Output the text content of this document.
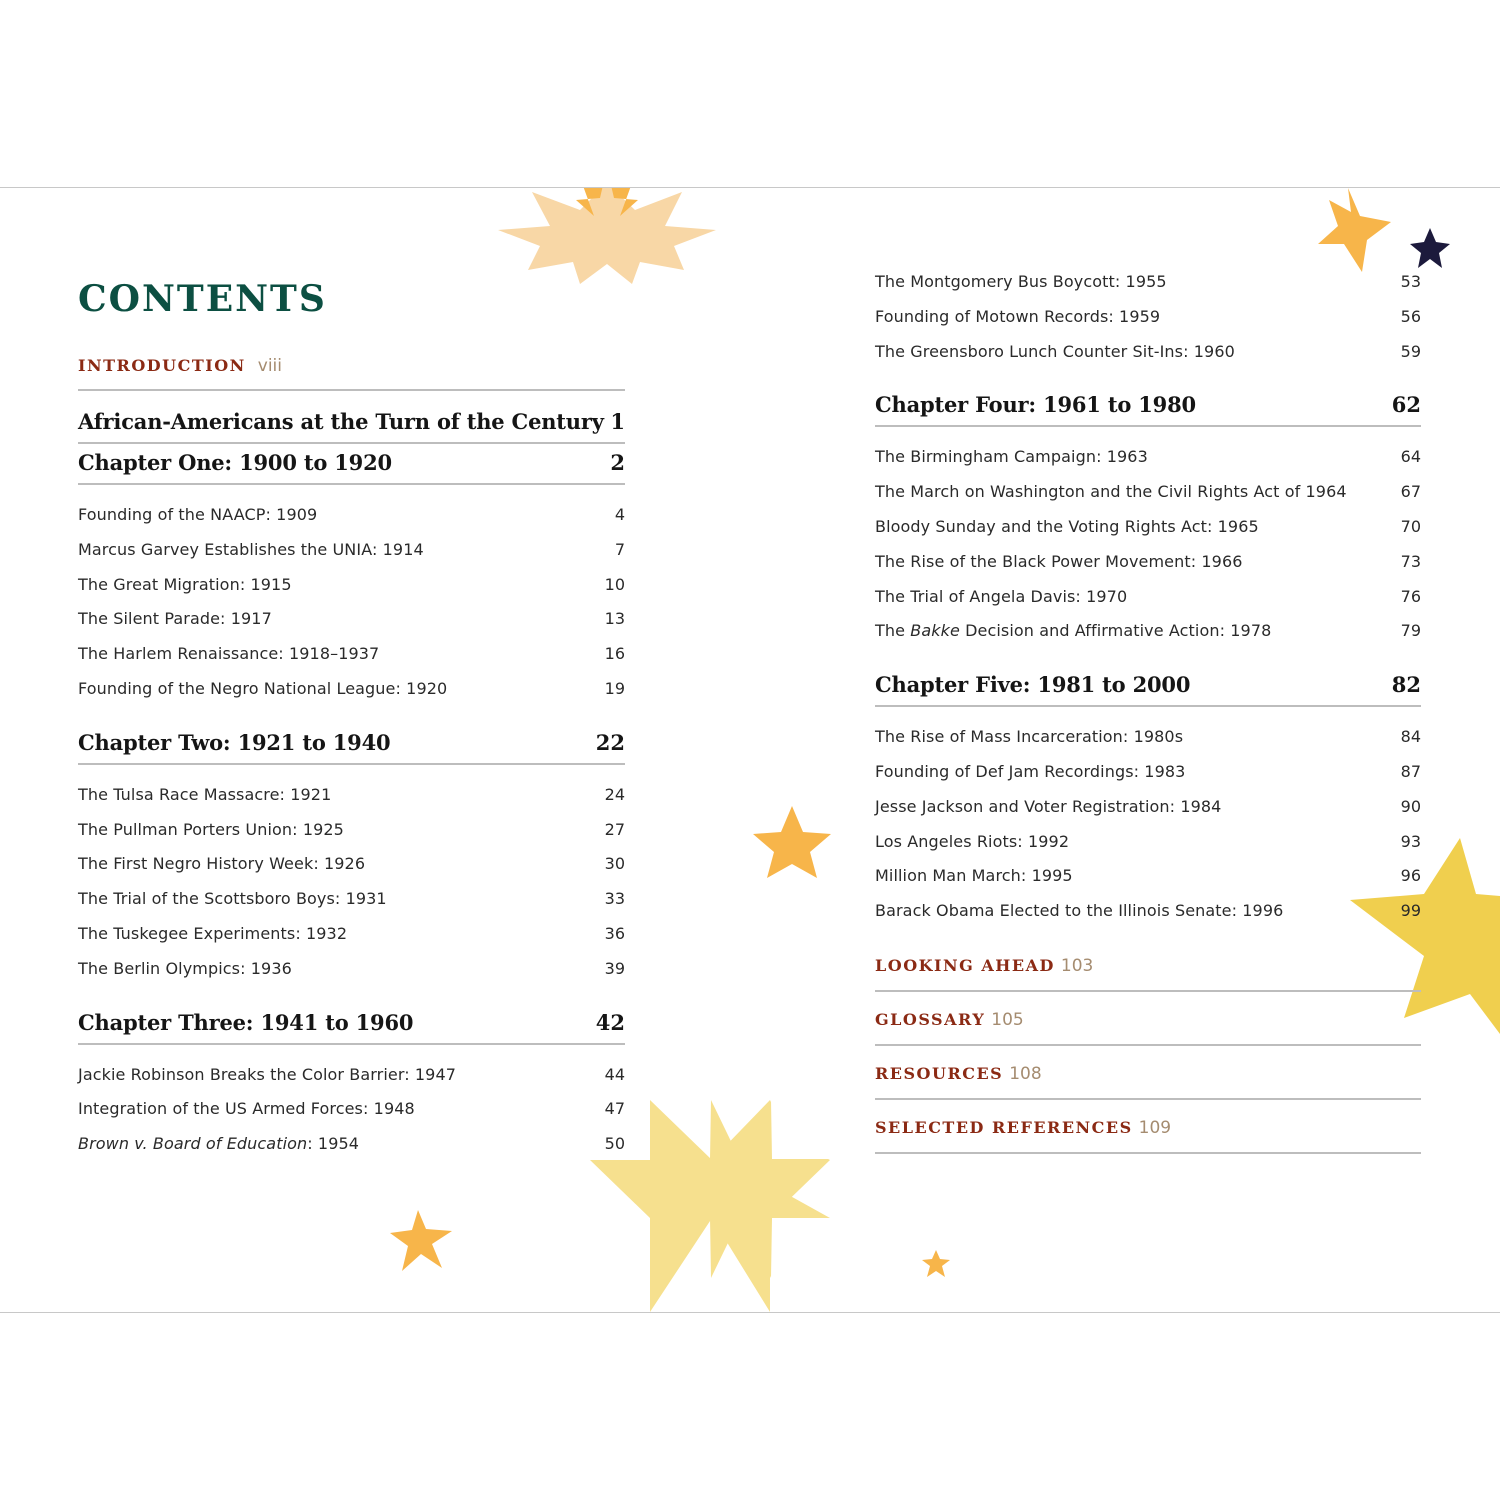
CONTENTS
INTRODUCTION viii
African-Americans at the Turn of the Century 1
Chapter One: 1900 to 1920	2
Founding of the NAACP: 1909	4
Marcus Garvey Establishes the UNIA: 1914	7
The Great Migration: 1915	10
The Silent Parade: 1917	13
The Harlem Renaissance: 1918–1937	16
Founding of the Negro National League: 1920	19
Chapter Two: 1921 to 1940	22
The Tulsa Race Massacre: 1921	24
The Pullman Porters Union: 1925	27
The First Negro History Week: 1926	30
The Trial of the Scottsboro Boys: 1931	33
The Tuskegee Experiments: 1932	36
The Berlin Olympics: 1936	39
Chapter Three: 1941 to 1960	42
Jackie Robinson Breaks the Color Barrier: 1947	44
Integration of the US Armed Forces: 1948	47
Brown v. Board of Education: 1954	50
The Montgomery Bus Boycott: 1955	53
Founding of Motown Records: 1959	56
The Greensboro Lunch Counter Sit-Ins: 1960	59
Chapter Four: 1961 to 1980	62
The Birmingham Campaign: 1963	64
The March on Washington and the Civil Rights Act of 1964	67
Bloody Sunday and the Voting Rights Act: 1965	70
The Rise of the Black Power Movement: 1966	73
The Trial of Angela Davis: 1970	76
The Bakke Decision and Affirmative Action: 1978	79
Chapter Five: 1981 to 2000	82
The Rise of Mass Incarceration: 1980s	84
Founding of Def Jam Recordings: 1983	87
Jesse Jackson and Voter Registration: 1984	90
Los Angeles Riots: 1992	93
Million Man March: 1995	96
Barack Obama Elected to the Illinois Senate: 1996	99
LOOKING AHEAD 103
GLOSSARY 105
RESOURCES 108
SELECTED REFERENCES 109
